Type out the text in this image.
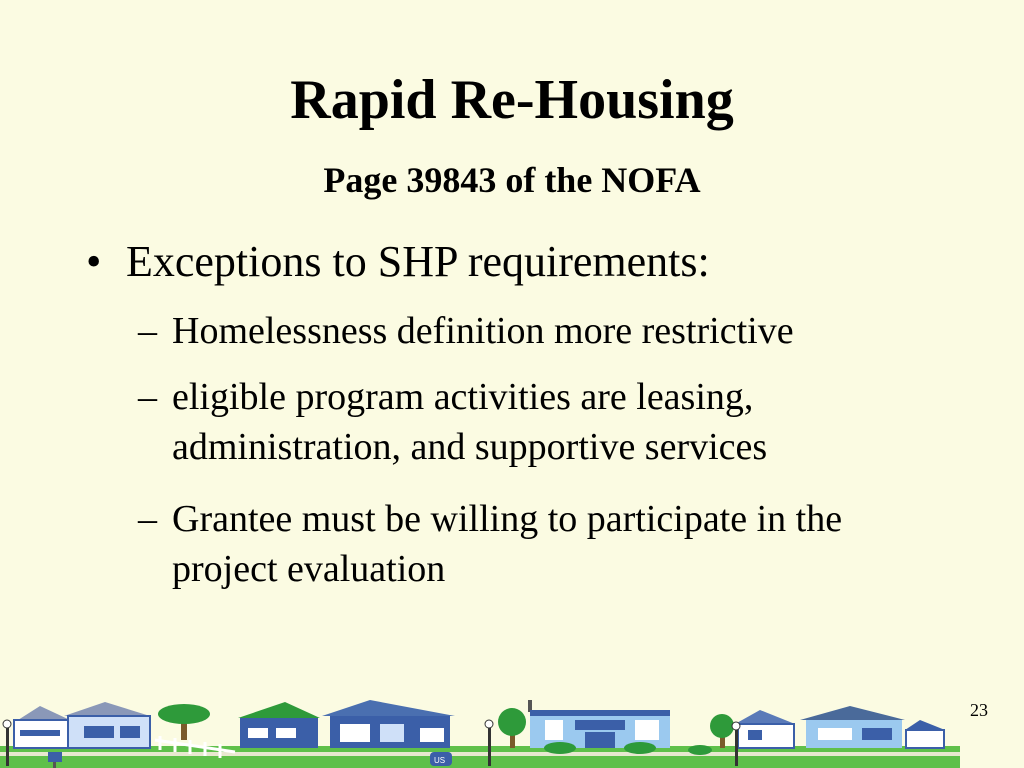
Rapid Re-Housing
Page 39843 of the NOFA
• Exceptions to SHP requirements:
– Homelessness definition more restrictive
– eligible program activities are leasing, administration, and supportive services
– Grantee must be willing to participate in the project evaluation
23
US
